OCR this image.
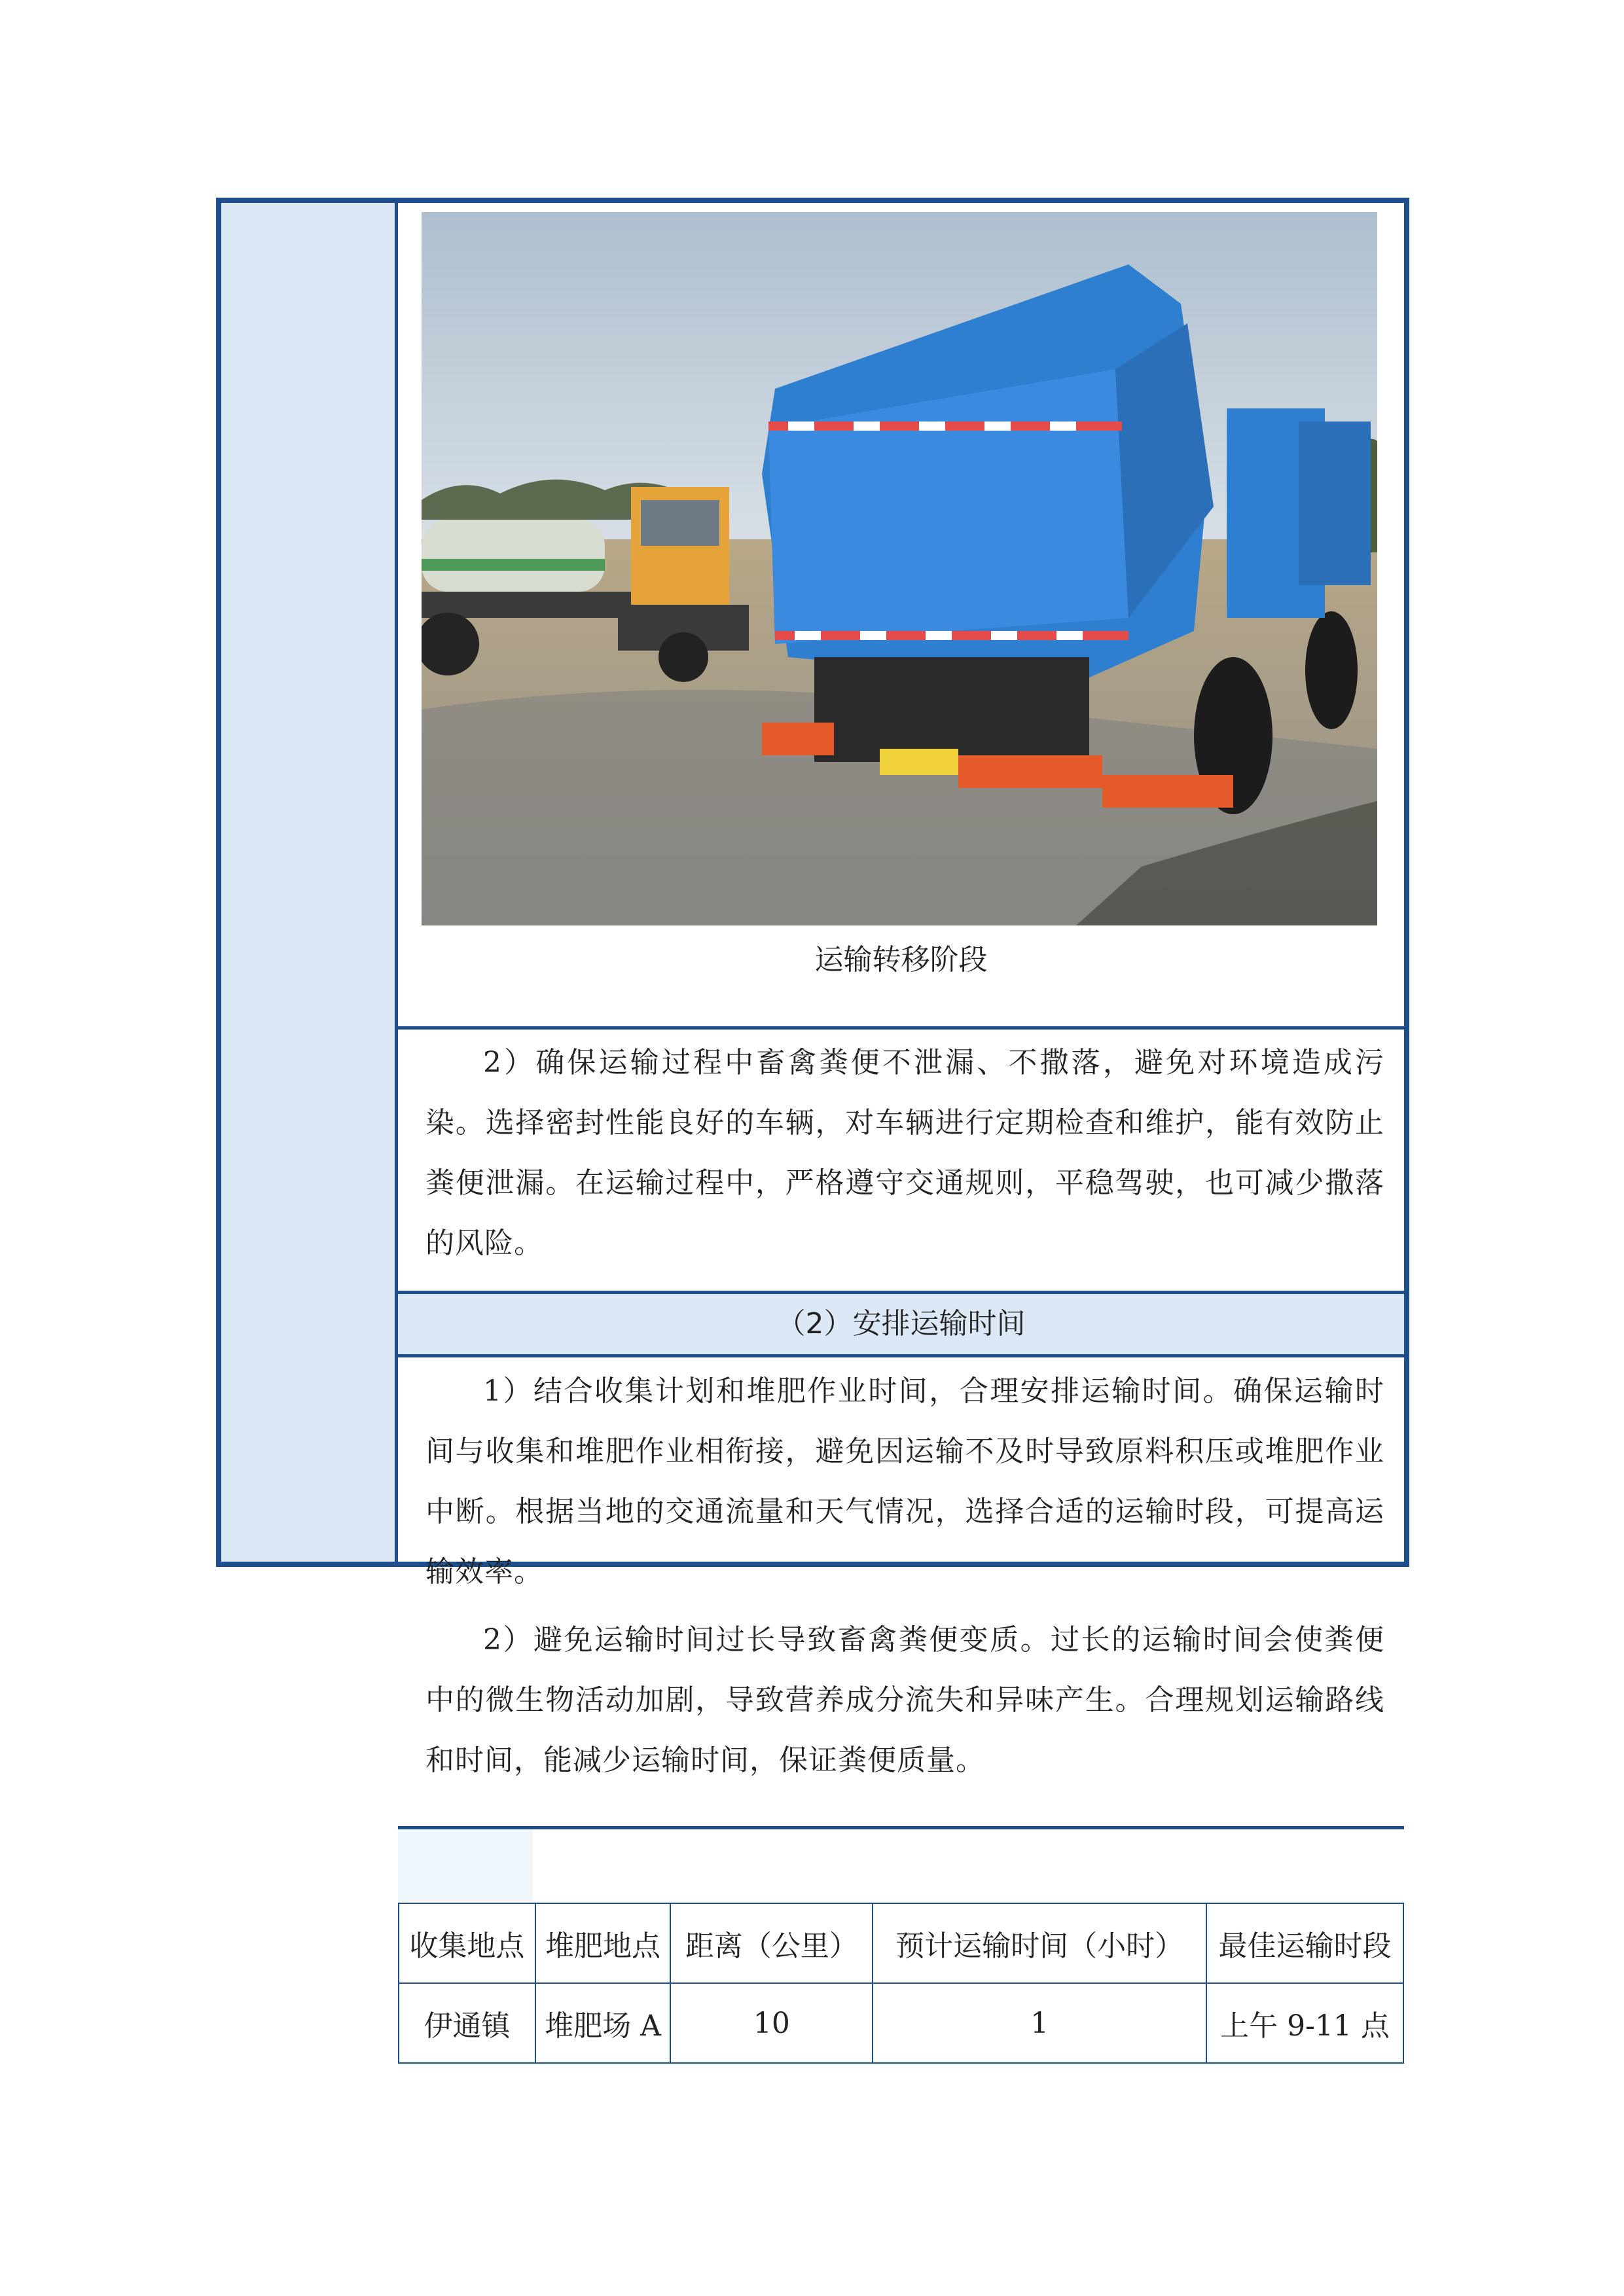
运输转移阶段
2）确保运输过程中畜禽粪便不泄漏、不撒落，避免对环境造成污染。选择密封性能良好的车辆，对车辆进行定期检查和维护，能有效防止粪便泄漏。在运输过程中，严格遵守交通规则，平稳驾驶，也可减少撒落的风险。
（2）安排运输时间
1）结合收集计划和堆肥作业时间，合理安排运输时间。确保运输时间与收集和堆肥作业相衔接，避免因运输不及时导致原料积压或堆肥作业中断。根据当地的交通流量和天气情况，选择合适的运输时段，可提高运输效率。
2）避免运输时间过长导致畜禽粪便变质。过长的运输时间会使粪便中的微生物活动加剧，导致营养成分流失和异味产生。合理规划运输路线和时间，能减少运输时间，保证粪便质量。
收集地点	堆肥地点	距离（公里）	预计运输时间（小时）	最佳运输时段
伊通镇	堆肥场 A	10	1	上午 9-11 点
